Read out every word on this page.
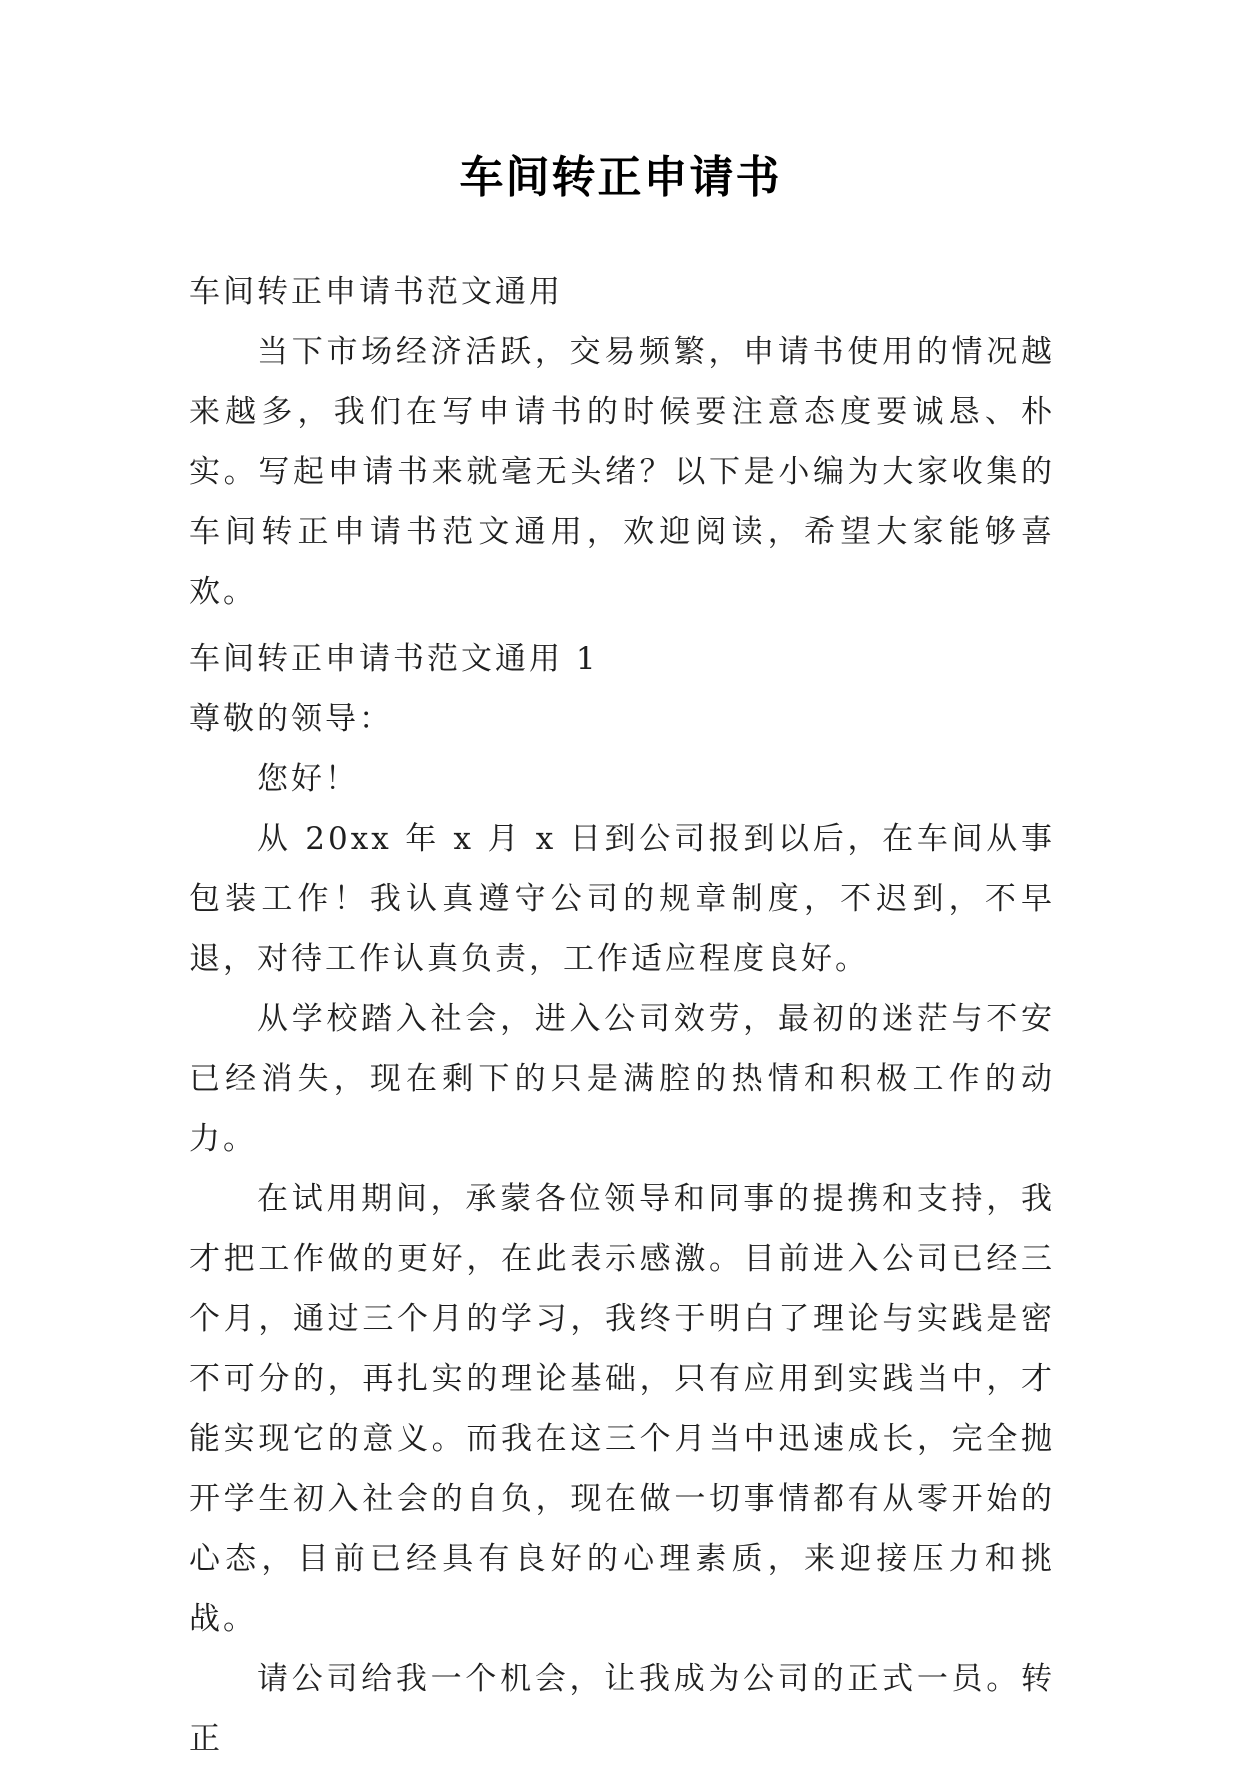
车间转正申请书

车间转正申请书范文通用

当下市场经济活跃，交易频繁，申请书使用的情况越来越多，我们在写申请书的时候要注意态度要诚恳、朴实。写起申请书来就毫无头绪？以下是小编为大家收集的车间转正申请书范文通用，欢迎阅读，希望大家能够喜欢。

车间转正申请书范文通用 1

尊敬的领导：

您好！

从 20xx 年 x 月 x 日到公司报到以后，在车间从事包装工作！我认真遵守公司的规章制度，不迟到，不早退，对待工作认真负责，工作适应程度良好。

从学校踏入社会，进入公司效劳，最初的迷茫与不安已经消失，现在剩下的只是满腔的热情和积极工作的动力。

在试用期间，承蒙各位领导和同事的提携和支持，我才把工作做的更好，在此表示感激。目前进入公司已经三个月，通过三个月的学习，我终于明白了理论与实践是密不可分的，再扎实的理论基础，只有应用到实践当中，才能实现它的意义。而我在这三个月当中迅速成长，完全抛开学生初入社会的自负，现在做一切事情都有从零开始的心态，目前已经具有良好的心理素质，来迎接压力和挑战。

请公司给我一个机会，让我成为公司的正式一员。转正
